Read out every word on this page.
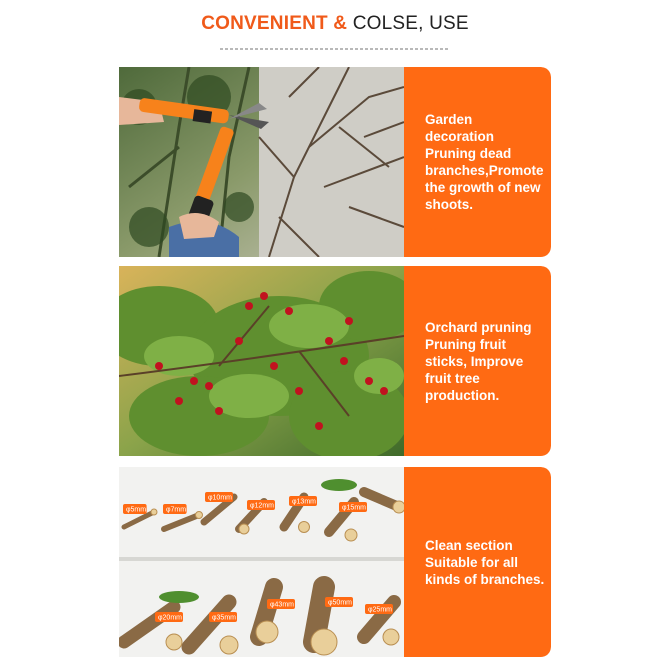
CONVENIENT & COLSE, USE

Garden decoration Pruning dead branches,Promote the growth of new shoots.

Orchard pruning Pruning fruit sticks, Improve fruit tree production.

φ5mm	φ7mm
φ10mm
φ12mm
φ13mm
φ15mm
φ20mm	φ35mm
φ43mm	φ50mm
φ25mm

Clean section Suitable for all kinds of branches.
